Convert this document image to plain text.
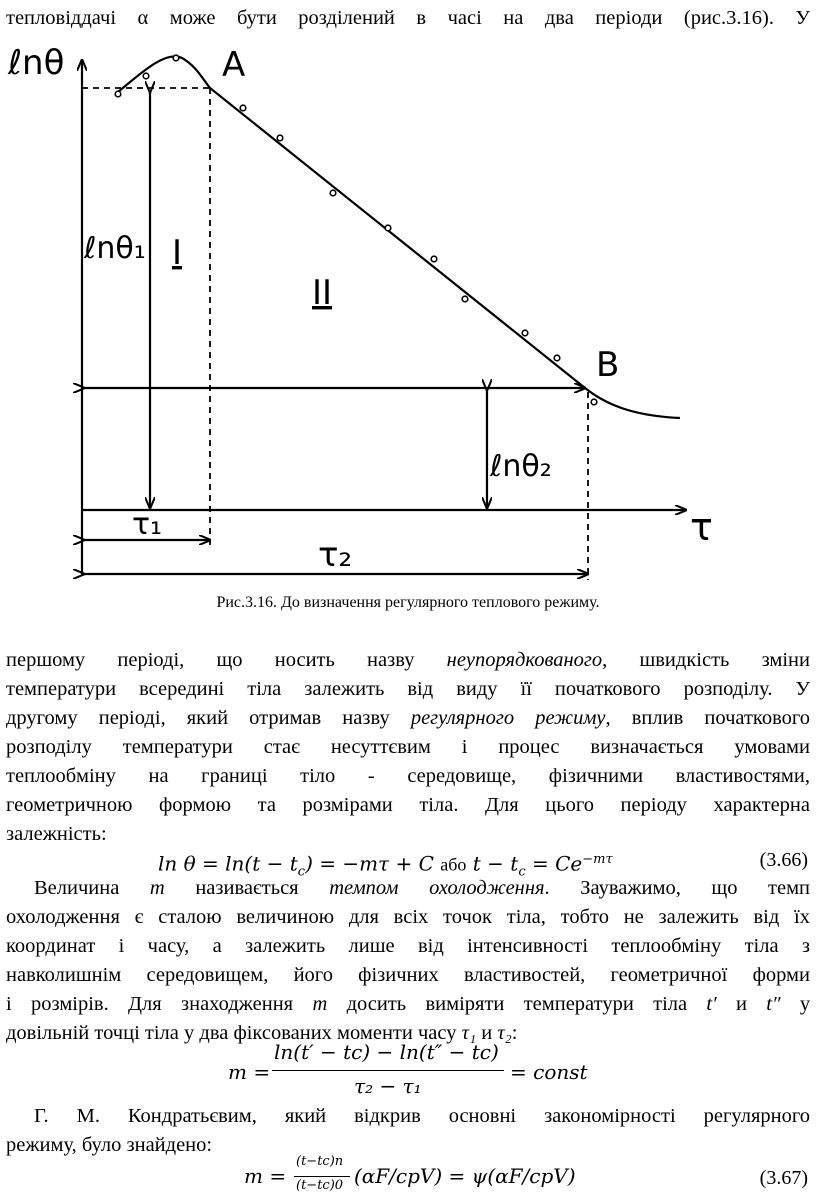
тепловіддачі α може бути розділений в часі на два періоди (рис.3.16). У
ℓnθ	A
B
I
II
ℓnθ₁
ℓnθ₂
τ₁
τ₂
τ
Рис.3.16. До визначення регулярного теплового режиму.
першому періоді, що носить назву неупорядкованого, швидкість зміни
температури всередині тіла залежить від виду її початкового розподілу. У
другому періоді, який отримав назву регулярного режиму, вплив початкового
розподілу температури стає несуттєвим і процес визначається умовами
теплообміну на границі тіло - середовище, фізичними властивостями,
геометричною формою та розмірами тіла. Для цього періоду характерна
залежність:
$\ln \theta = \ln(t - t_c) = -m\tau + C$ або $t - t_c = Ce^{-m\tau}$	(3.66)
Величина m називається темпом охолодження. Зауважимо, що темп
охолодження є сталою величиною для всіх точок тіла, тобто не залежить від їх
координат і часу, а залежить лише від інтенсивності теплообміну тіла з
навколишнім середовищем, його фізичних властивостей, геометричної форми
і розмірів. Для знаходження m досить виміряти температури тіла t′ и t″ у
довільній точці тіла у два фіксованих моменти часу τ₁ и τ₂:
m =
ln(t′ − tc) − ln(t″ − tc)
τ₂ − τ₁
= const
Г. М. Кондратьєвим, який відкрив основні закономірності регулярного
режиму, було знайдено:
m =
(t−tc)п
(t−tc)0 (αF/cpV) = ψ(αF/cpV)	(3.67)
